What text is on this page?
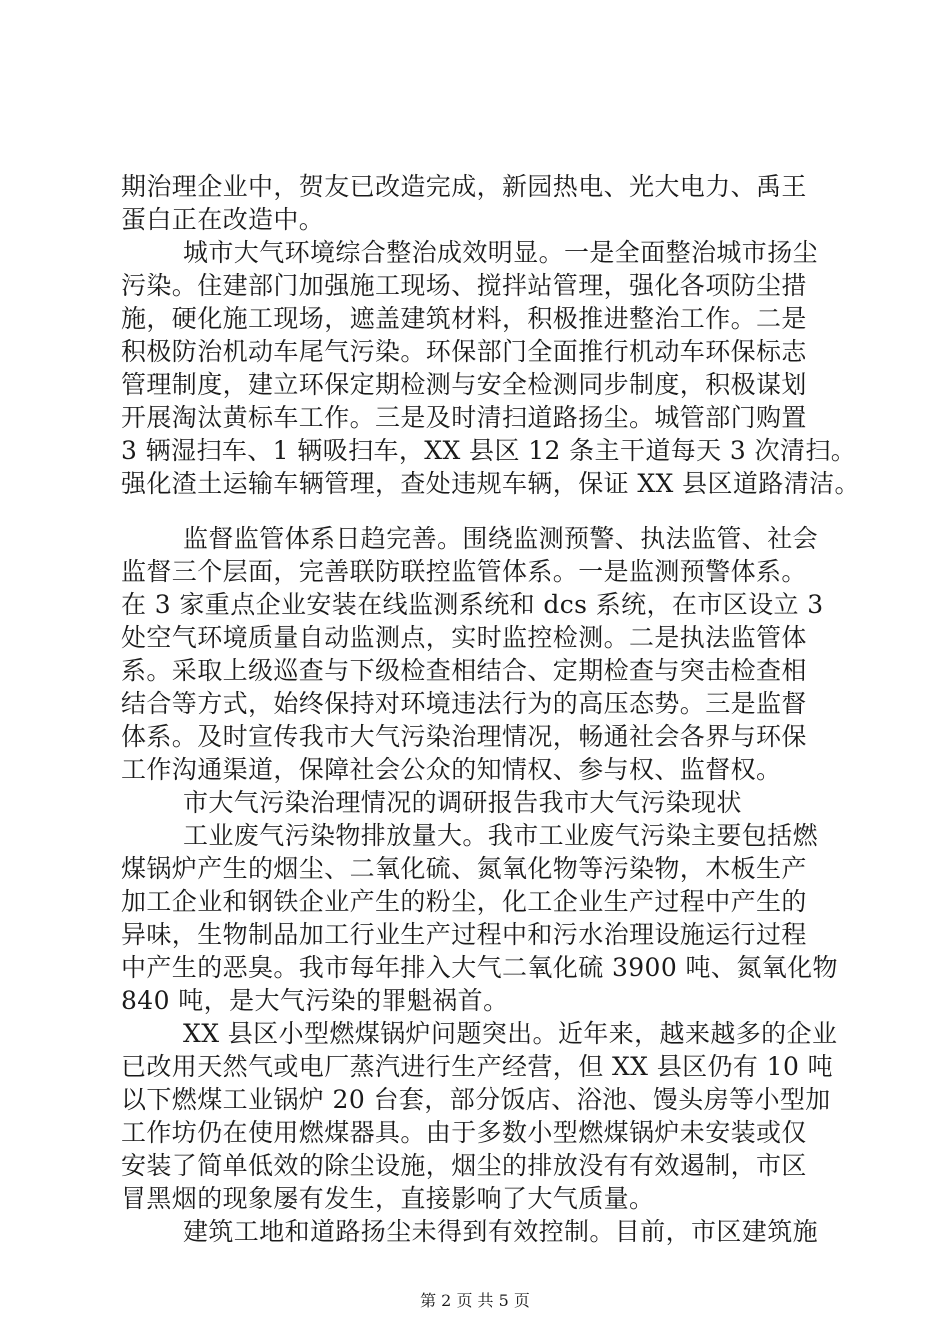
期治理企业中，贺友已改造完成，新园热电、光大电力、禹王
蛋白正在改造中。
城市大气环境综合整治成效明显。一是全面整治城市扬尘
污染。住建部门加强施工现场、搅拌站管理，强化各项防尘措
施，硬化施工现场，遮盖建筑材料，积极推进整治工作。二是
积极防治机动车尾气污染。环保部门全面推行机动车环保标志
管理制度，建立环保定期检测与安全检测同步制度，积极谋划
开展淘汰黄标车工作。三是及时清扫道路扬尘。城管部门购置
3 辆湿扫车、1 辆吸扫车，XX 县区 12 条主干道每天 3 次清扫。
强化渣土运输车辆管理，查处违规车辆，保证 XX 县区道路清洁。
监督监管体系日趋完善。围绕监测预警、执法监管、社会
监督三个层面，完善联防联控监管体系。一是监测预警体系。
在 3 家重点企业安装在线监测系统和 dcs 系统，在市区设立 3
处空气环境质量自动监测点，实时监控检测。二是执法监管体
系。采取上级巡查与下级检查相结合、定期检查与突击检查相
结合等方式，始终保持对环境违法行为的高压态势。三是监督
体系。及时宣传我市大气污染治理情况，畅通社会各界与环保
工作沟通渠道，保障社会公众的知情权、参与权、监督权。
市大气污染治理情况的调研报告我市大气污染现状
工业废气污染物排放量大。我市工业废气污染主要包括燃
煤锅炉产生的烟尘、二氧化硫、氮氧化物等污染物，木板生产
加工企业和钢铁企业产生的粉尘，化工企业生产过程中产生的
异味，生物制品加工行业生产过程中和污水治理设施运行过程
中产生的恶臭。我市每年排入大气二氧化硫 3900 吨、氮氧化物
840 吨，是大气污染的罪魁祸首。
XX 县区小型燃煤锅炉问题突出。近年来，越来越多的企业
已改用天然气或电厂蒸汽进行生产经营，但 XX 县区仍有 10 吨
以下燃煤工业锅炉 20 台套，部分饭店、浴池、馒头房等小型加
工作坊仍在使用燃煤器具。由于多数小型燃煤锅炉未安装或仅
安装了简单低效的除尘设施，烟尘的排放没有有效遏制，市区
冒黑烟的现象屡有发生，直接影响了大气质量。
建筑工地和道路扬尘未得到有效控制。目前，市区建筑施
第 2 页 共 5 页
